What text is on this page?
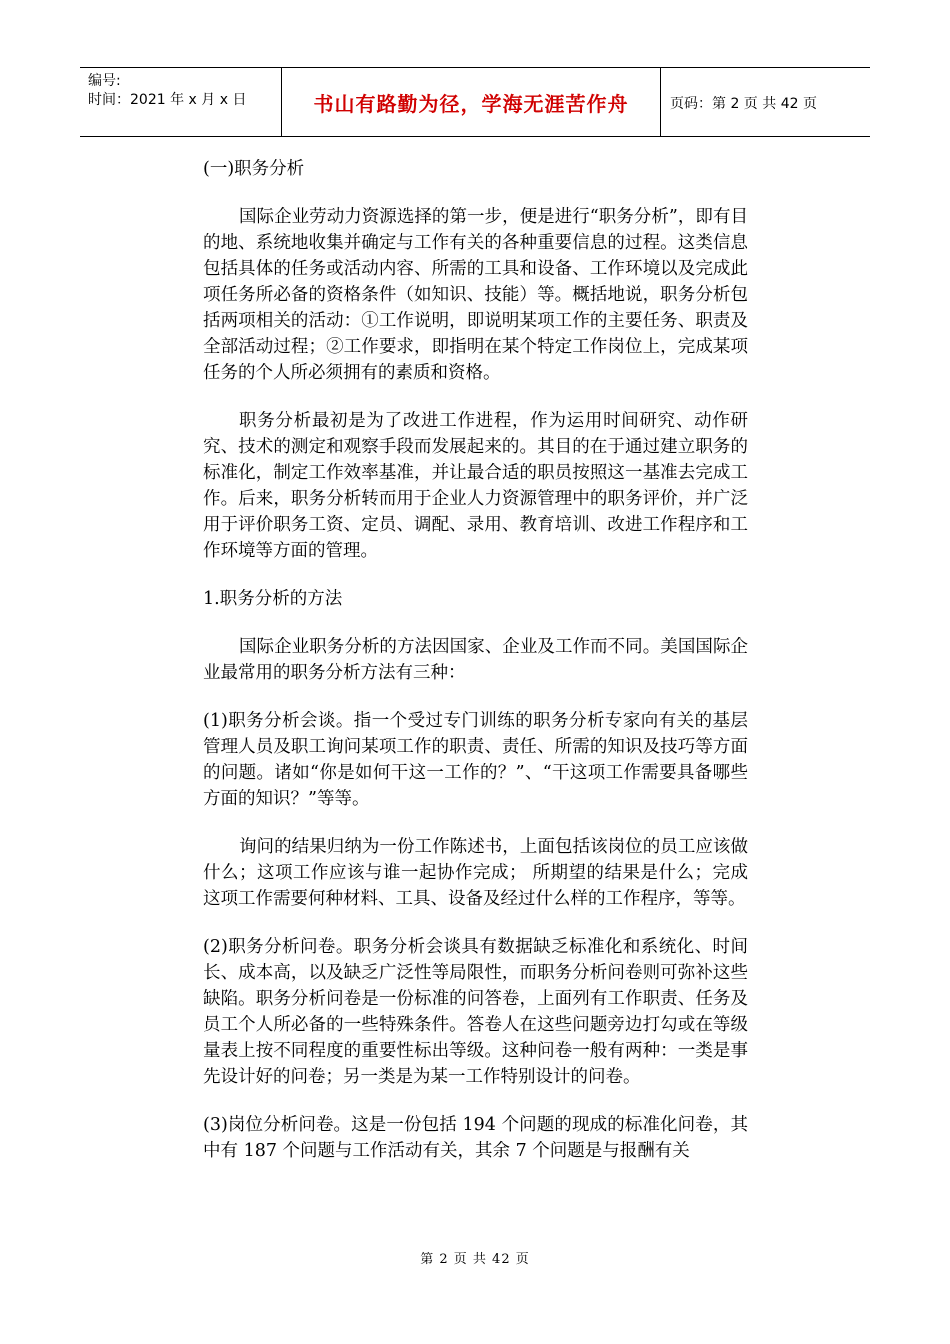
编号:
时间：2021 年 x 月 x 日	书山有路勤为径，学海无涯苦作舟	页码：第 2 页 共 42 页

(一)职务分析

国际企业劳动力资源选择的第一步，便是进行“职务分析”，即有目的地、系统地收集并确定与工作有关的各种重要信息的过程。这类信息包括具体的任务或活动内容、所需的工具和设备、工作环境以及完成此项任务所必备的资格条件（如知识、技能）等。概括地说，职务分析包括两项相关的活动：①工作说明，即说明某项工作的主要任务、职责及全部活动过程；②工作要求，即指明在某个特定工作岗位上，完成某项任务的个人所必须拥有的素质和资格。

职务分析最初是为了改进工作进程，作为运用时间研究、动作研究、技术的测定和观察手段而发展起来的。其目的在于通过建立职务的标准化，制定工作效率基准，并让最合适的职员按照这一基准去完成工作。后来，职务分析转而用于企业人力资源管理中的职务评价，并广泛用于评价职务工资、定员、调配、录用、教育培训、改进工作程序和工作环境等方面的管理。

1.职务分析的方法

国际企业职务分析的方法因国家、企业及工作而不同。美国国际企业最常用的职务分析方法有三种：

(1)职务分析会谈。指一个受过专门训练的职务分析专家向有关的基层管理人员及职工询问某项工作的职责、责任、所需的知识及技巧等方面的问题。诸如“你是如何干这一工作的？”、“干这项工作需要具备哪些方面的知识？”等等。

询问的结果归纳为一份工作陈述书，上面包括该岗位的员工应该做什么；这项工作应该与谁一起协作完成； 所期望的结果是什么；完成这项工作需要何种材料、工具、设备及经过什么样的工作程序，等等。

(2)职务分析问卷。职务分析会谈具有数据缺乏标准化和系统化、时间长、成本高，以及缺乏广泛性等局限性，而职务分析问卷则可弥补这些缺陷。职务分析问卷是一份标准的问答卷，上面列有工作职责、任务及员工个人所必备的一些特殊条件。答卷人在这些问题旁边打勾或在等级量表上按不同程度的重要性标出等级。这种问卷一般有两种：一类是事先设计好的问卷；另一类是为某一工作特别设计的问卷。

(3)岗位分析问卷。这是一份包括 194 个问题的现成的标准化问卷，其中有 187 个问题与工作活动有关，其余 7 个问题是与报酬有关

第 2 页 共 42 页
